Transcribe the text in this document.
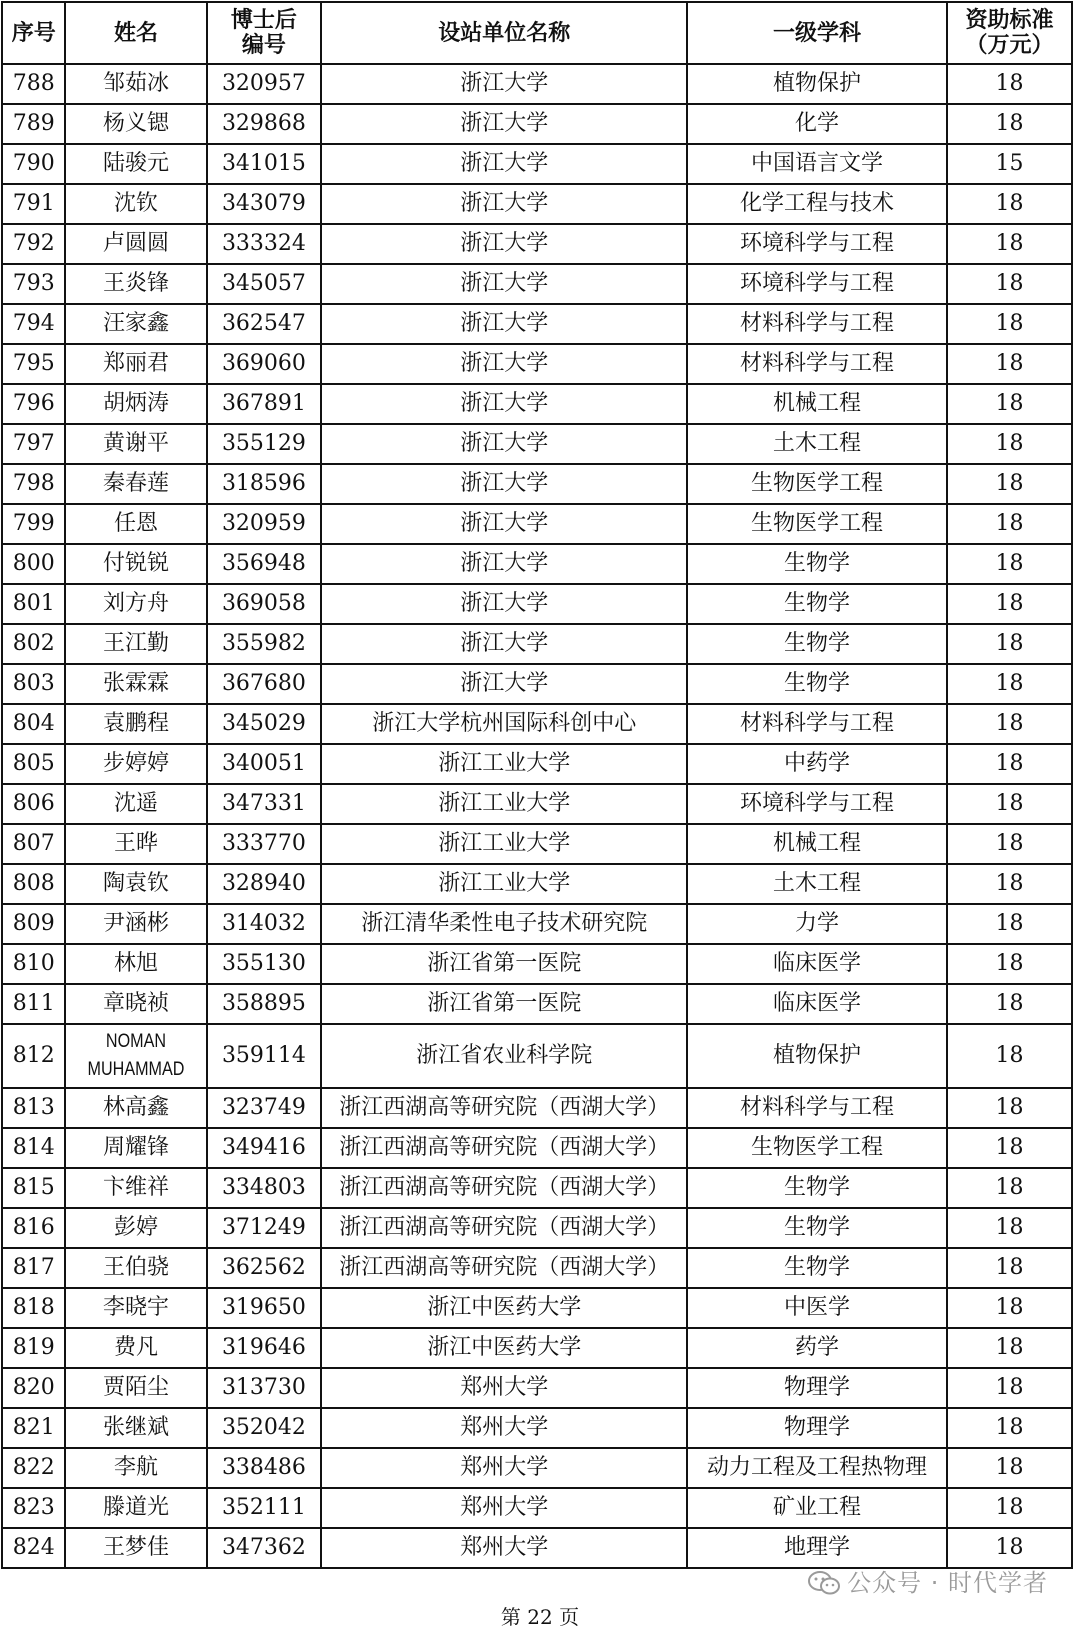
序号	姓名	博士后编号	设站单位名称	一级学科	资助标准（万元）
788	邹茹冰	320957	浙江大学	植物保护	18
789	杨义锶	329868	浙江大学	化学	18
790	陆骏元	341015	浙江大学	中国语言文学	15
791	沈钦	343079	浙江大学	化学工程与技术	18
792	卢圆圆	333324	浙江大学	环境科学与工程	18
793	王炎锋	345057	浙江大学	环境科学与工程	18
794	汪家鑫	362547	浙江大学	材料科学与工程	18
795	郑丽君	369060	浙江大学	材料科学与工程	18
796	胡炳涛	367891	浙江大学	机械工程	18
797	黄谢平	355129	浙江大学	土木工程	18
798	秦春莲	318596	浙江大学	生物医学工程	18
799	任恩	320959	浙江大学	生物医学工程	18
800	付锐锐	356948	浙江大学	生物学	18
801	刘方舟	369058	浙江大学	生物学	18
802	王江勤	355982	浙江大学	生物学	18
803	张霖霖	367680	浙江大学	生物学	18
804	袁鹏程	345029	浙江大学杭州国际科创中心	材料科学与工程	18
805	步婷婷	340051	浙江工业大学	中药学	18
806	沈遥	347331	浙江工业大学	环境科学与工程	18
807	王晔	333770	浙江工业大学	机械工程	18
808	陶袁钦	328940	浙江工业大学	土木工程	18
809	尹涵彬	314032	浙江清华柔性电子技术研究院	力学	18
810	林旭	355130	浙江省第一医院	临床医学	18
811	章晓祯	358895	浙江省第一医院	临床医学	18
812	NOMAN MUHAMMAD	359114	浙江省农业科学院	植物保护	18
813	林高鑫	323749	浙江西湖高等研究院（西湖大学）	材料科学与工程	18
814	周耀锋	349416	浙江西湖高等研究院（西湖大学）	生物医学工程	18
815	卞维祥	334803	浙江西湖高等研究院（西湖大学）	生物学	18
816	彭婷	371249	浙江西湖高等研究院（西湖大学）	生物学	18
817	王伯骁	362562	浙江西湖高等研究院（西湖大学）	生物学	18
818	李晓宇	319650	浙江中医药大学	中医学	18
819	费凡	319646	浙江中医药大学	药学	18
820	贾陌尘	313730	郑州大学	物理学	18
821	张继斌	352042	郑州大学	物理学	18
822	李航	338486	郑州大学	动力工程及工程热物理	18
823	滕道光	352111	郑州大学	矿业工程	18
824	王梦佳	347362	郑州大学	地理学	18
公众号 · 时代学者
第 22 页
